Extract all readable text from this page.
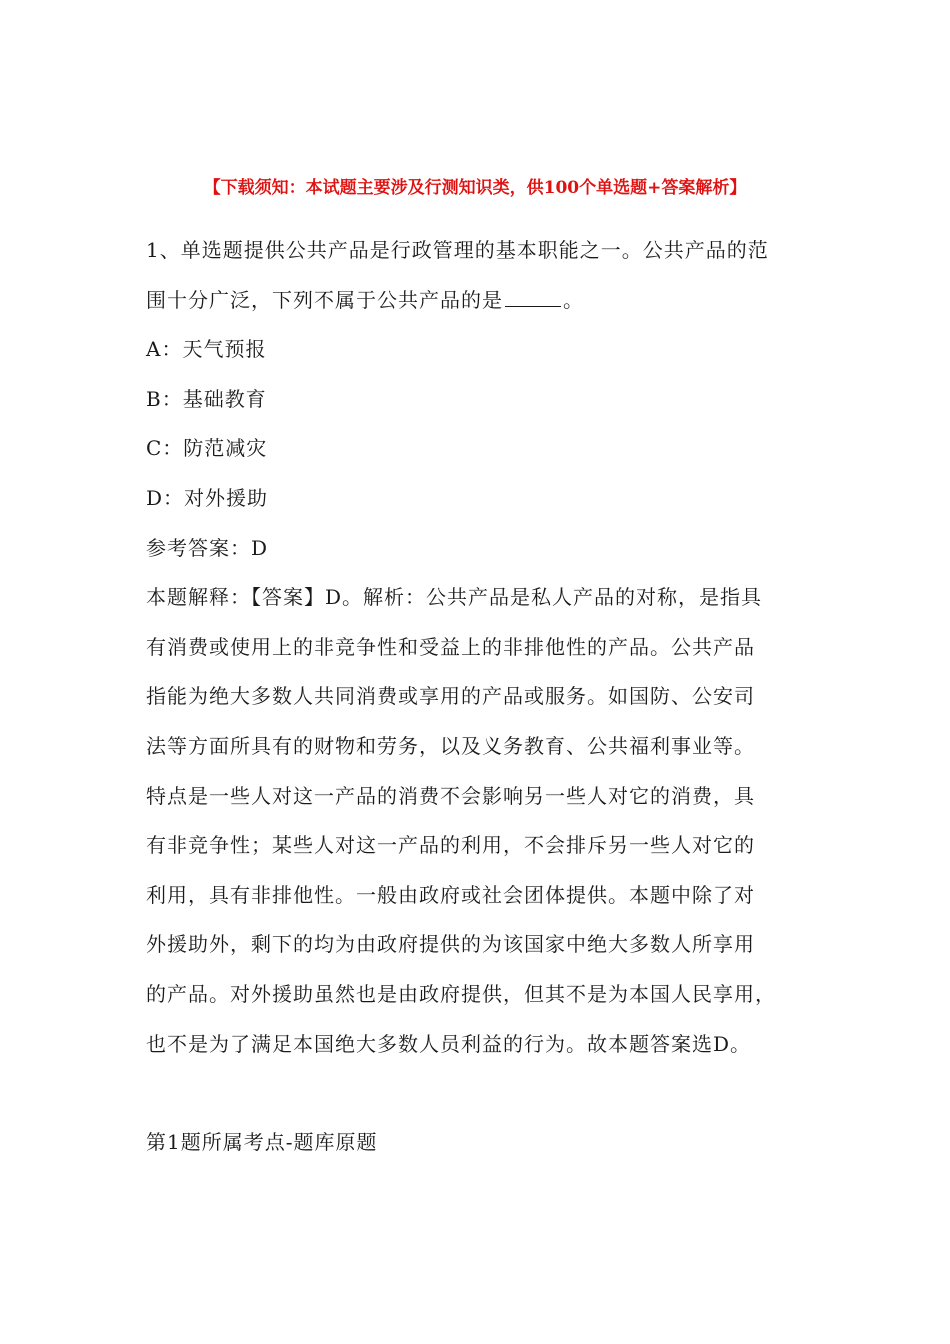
【下载须知：本试题主要涉及行测知识类，供100个单选题+答案解析】
1、单选题提供公共产品是行政管理的基本职能之一。公共产品的范
围十分广泛，下列不属于公共产品的是	。
A：天气预报
B：基础教育
C：防范减灾
D：对外援助
参考答案：D
本题解释：【答案】D。解析：公共产品是私人产品的对称，是指具
有消费或使用上的非竞争性和受益上的非排他性的产品。公共产品
指能为绝大多数人共同消费或享用的产品或服务。如国防、公安司
法等方面所具有的财物和劳务，以及义务教育、公共福利事业等。
特点是一些人对这一产品的消费不会影响另一些人对它的消费，具
有非竞争性；某些人对这一产品的利用，不会排斥另一些人对它的
利用，具有非排他性。一般由政府或社会团体提供。本题中除了对
外援助外，剩下的均为由政府提供的为该国家中绝大多数人所享用
的产品。对外援助虽然也是由政府提供，但其不是为本国人民享用，
也不是为了满足本国绝大多数人员利益的行为。故本题答案选D。
第1题所属考点-题库原题
